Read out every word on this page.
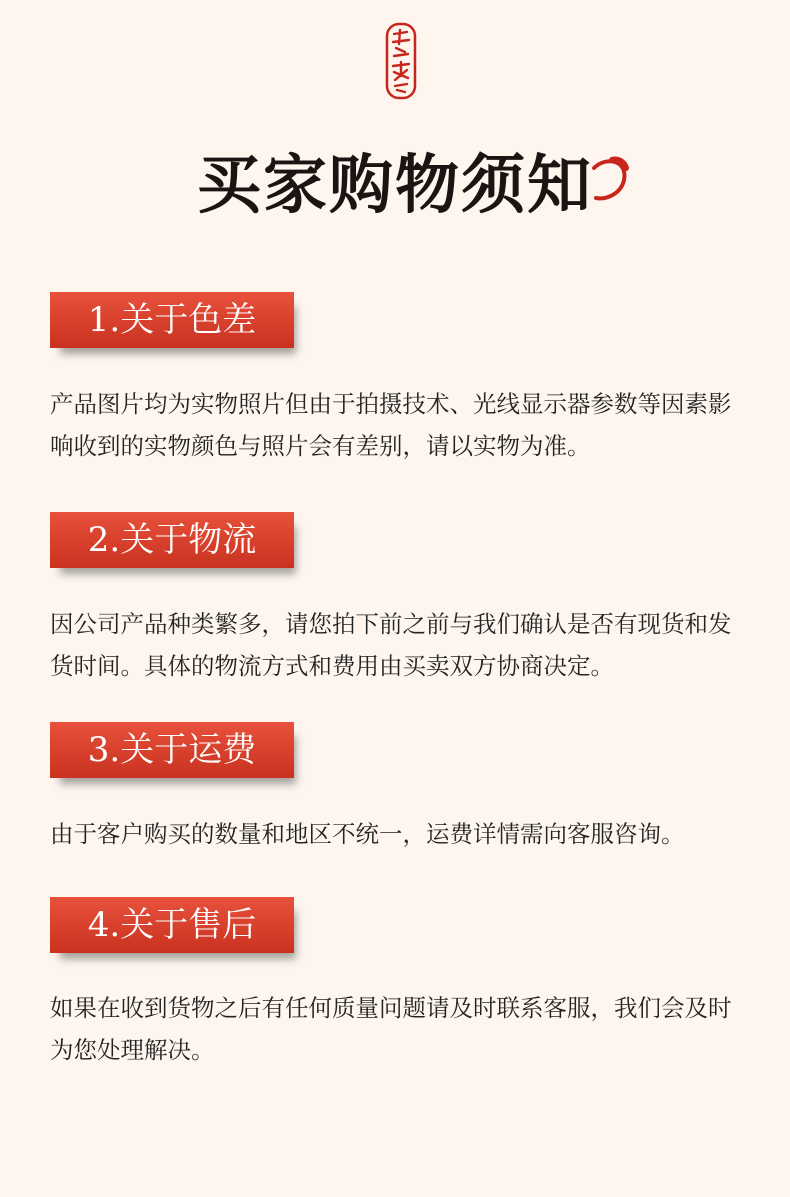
买家购物须知
1.关于色差

产品图片均为实物照片但由于拍摄技术、光线显示器参数等因素影响收到的实物颜色与照片会有差别，请以实物为准。

2.关于物流

因公司产品种类繁多，请您拍下前之前与我们确认是否有现货和发货时间。具体的物流方式和费用由买卖双方协商决定。

3.关于运费

由于客户购买的数量和地区不统一，运费详情需向客服咨询。

4.关于售后

如果在收到货物之后有任何质量问题请及时联系客服，我们会及时为您处理解决。
